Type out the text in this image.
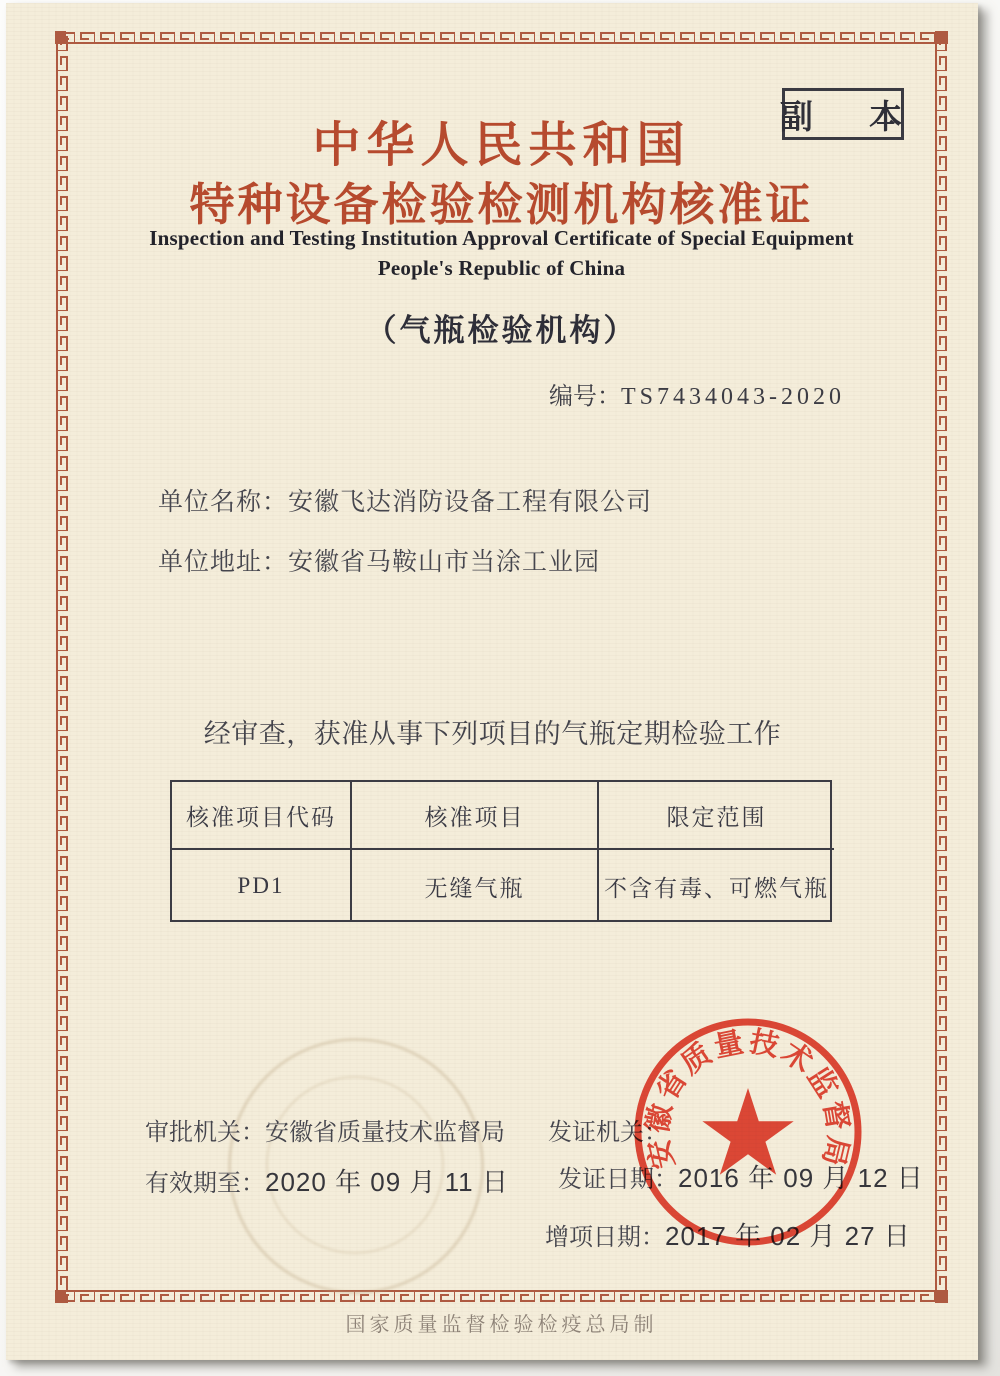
副 本
中华人民共和国
特种设备检验检测机构核准证
Inspection and Testing Institution Approval Certificate of Special Equipment
People's Republic of China
（气瓶检验机构）
编号：TS7434043-2020
单位名称：安徽飞达消防设备工程有限公司
单位地址：安徽省马鞍山市当涂工业园
经审查，获准从事下列项目的气瓶定期检验工作
核准项目代码	核准项目	限定范围
PD1	无缝气瓶	不含有毒、可燃气瓶
审批机关：安徽省质量技术监督局
有效期至：2020 年 09 月 11 日
发证机关：
发证日期：2016 年 09 月 12 日
增项日期：2017 年 02 月 27 日
安徽省质量技术监督局
国家质量监督检验检疫总局制
